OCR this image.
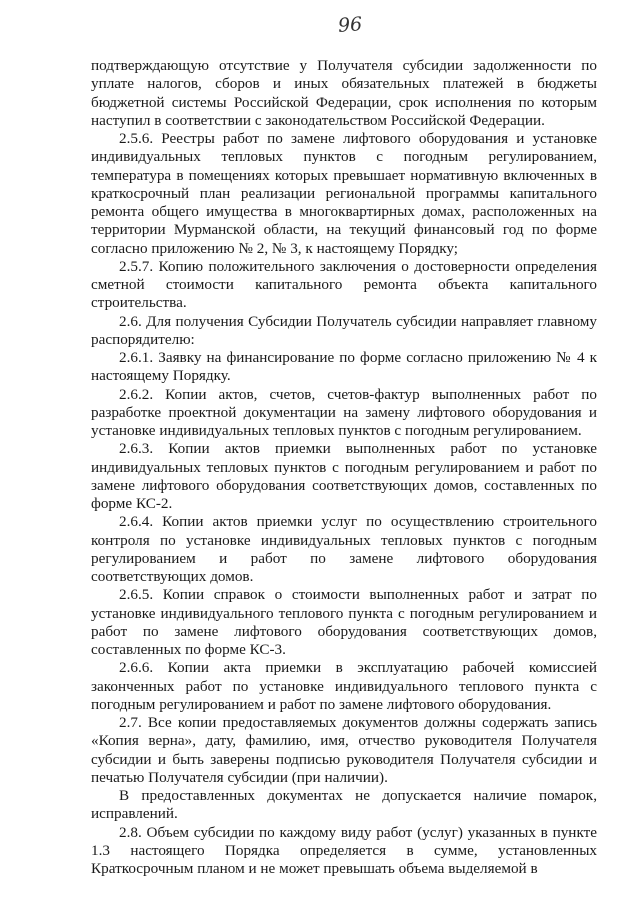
96

подтверждающую отсутствие у Получателя субсидии задолженности по уплате налогов, сборов и иных обязательных платежей в бюджеты бюджетной системы Российской Федерации, срок исполнения по которым наступил в соответствии с законодательством Российской Федерации.

2.5.6. Реестры работ по замене лифтового оборудования и установке индивидуальных тепловых пунктов с погодным регулированием, температура в помещениях которых превышает нормативную включенных в краткосрочный план реализации региональной программы капитального ремонта общего имущества в многоквартирных домах, расположенных на территории Мурманской области, на текущий финансовый год по форме согласно приложению № 2, № 3, к настоящему Порядку;

2.5.7. Копию положительного заключения о достоверности определения сметной стоимости капитального ремонта объекта капитального строительства.

2.6. Для получения Субсидии Получатель субсидии направляет главному распорядителю:

2.6.1. Заявку на финансирование по форме согласно приложению № 4 к настоящему Порядку.

2.6.2. Копии актов, счетов, счетов-фактур выполненных работ по разработке проектной документации на замену лифтового оборудования и установке индивидуальных тепловых пунктов с погодным регулированием.

2.6.3. Копии актов приемки выполненных работ по установке индивидуальных тепловых пунктов с погодным регулированием и работ по замене лифтового оборудования соответствующих домов, составленных по форме КС-2.

2.6.4. Копии актов приемки услуг по осуществлению строительного контроля по установке индивидуальных тепловых пунктов с погодным регулированием и работ по замене лифтового оборудования соответствующих домов.

2.6.5. Копии справок о стоимости выполненных работ и затрат по установке индивидуального теплового пункта с погодным регулированием и работ по замене лифтового оборудования соответствующих домов, составленных по форме КС-3.

2.6.6. Копии акта приемки в эксплуатацию рабочей комиссией законченных работ по установке индивидуального теплового пункта с погодным регулированием и работ по замене лифтового оборудования.

2.7. Все копии предоставляемых документов должны содержать запись «Копия верна», дату, фамилию, имя, отчество руководителя Получателя субсидии и быть заверены подписью руководителя Получателя субсидии и печатью Получателя субсидии (при наличии).

В предоставленных документах не допускается наличие помарок, исправлений.

2.8. Объем субсидии по каждому виду работ (услуг) указанных в пункте 1.3 настоящего Порядка определяется в сумме, установленных Краткосрочным планом и не может превышать объема выделяемой в
